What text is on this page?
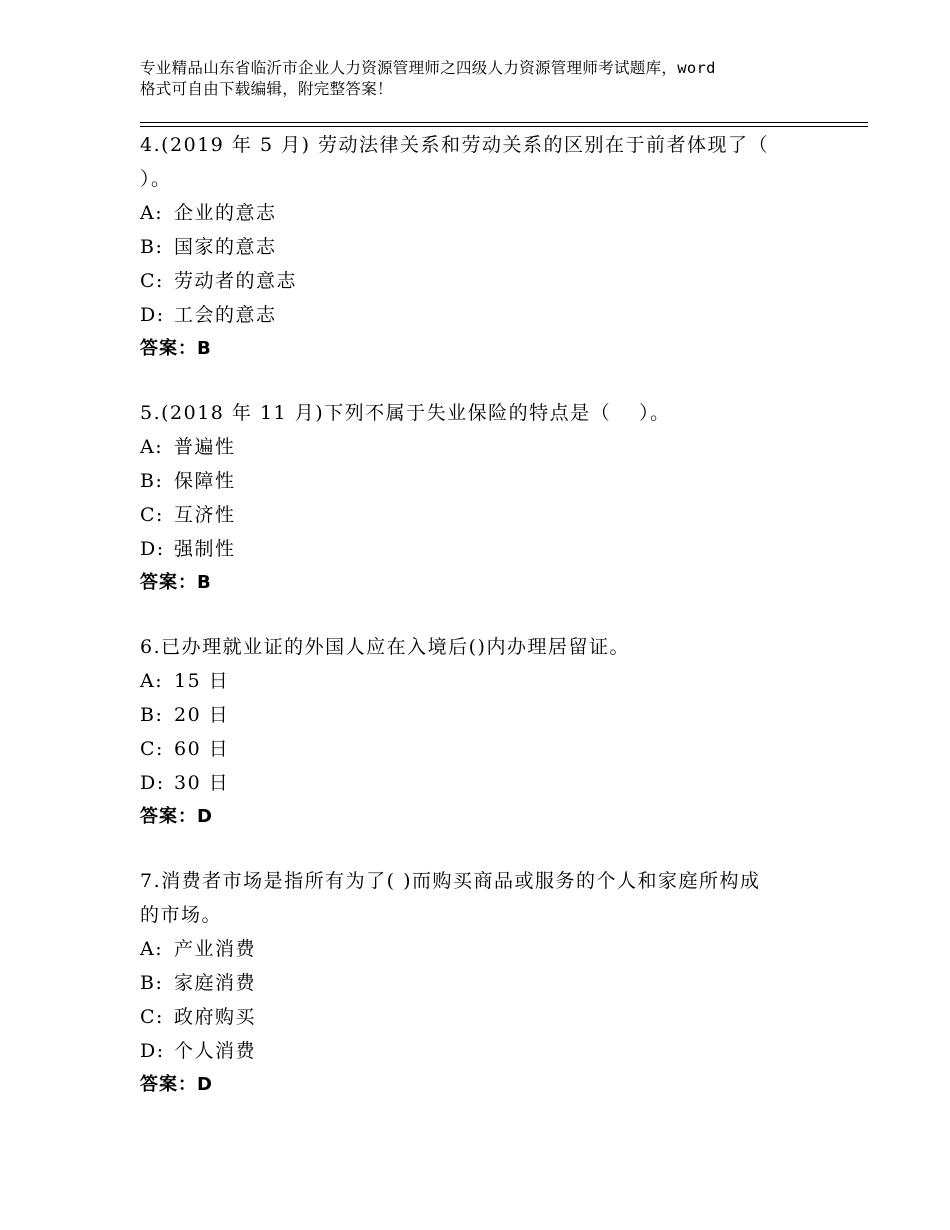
专业精品山东省临沂市企业人力资源管理师之四级人力资源管理师考试题库，word
格式可自由下载编辑，附完整答案！
4.(2019 年 5 月) 劳动法律关系和劳动关系的区别在于前者体现了（
）。
A: 企业的意志
B: 国家的意志
C: 劳动者的意志
D: 工会的意志
答案：B
5.(2018 年 11 月)下列不属于失业保险的特点是（　 ）。
A: 普遍性
B: 保障性
C: 互济性
D: 强制性
答案：B
6.已办理就业证的外国人应在入境后()内办理居留证。
A: 15 日
B: 20 日
C: 60 日
D: 30 日
答案：D
7.消费者市场是指所有为了( )而购买商品或服务的个人和家庭所构成
的市场。
A: 产业消费
B: 家庭消费
C: 政府购买
D: 个人消费
答案：D
